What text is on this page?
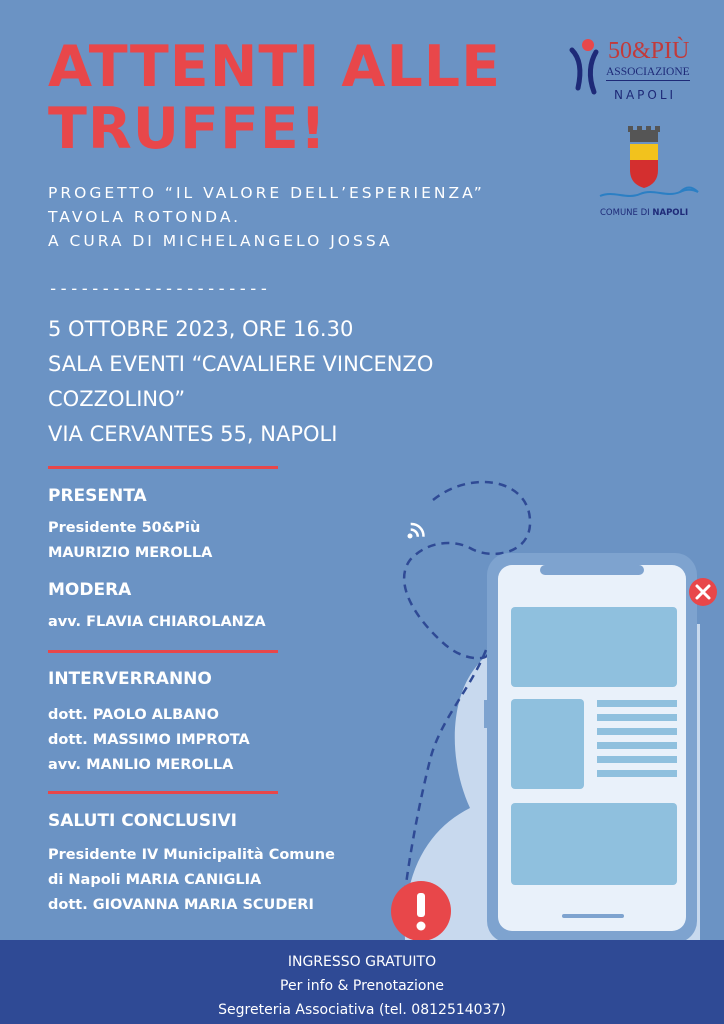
ATTENTI ALLE TRUFFE!
PROGETTO “IL VALORE DELL’ESPERIENZA”
TAVOLA ROTONDA.
A CURA DI MICHELANGELO JOSSA
---------------------
5 OTTOBRE 2023, ORE 16.30
SALA EVENTI “CAVALIERE VINCENZO
COZZOLINO”
VIA CERVANTES 55, NAPOLI
PRESENTA
Presidente 50&Più
MAURIZIO MEROLLA
MODERA
avv. FLAVIA CHIAROLANZA
INTERVERRANNO
dott. PAOLO ALBANO
dott. MASSIMO IMPROTA
avv. MANLIO MEROLLA
SALUTI CONCLUSIVI
Presidente IV Municipalità Comune
di Napoli MARIA CANIGLIA
dott. GIOVANNA MARIA SCUDERI
50&PIÙ
ASSOCIAZIONE
NAPOLI
COMUNE DI NAPOLI
INGRESSO GRATUITO
Per info & Prenotazione
Segreteria Associativa (tel. 0812514037)
